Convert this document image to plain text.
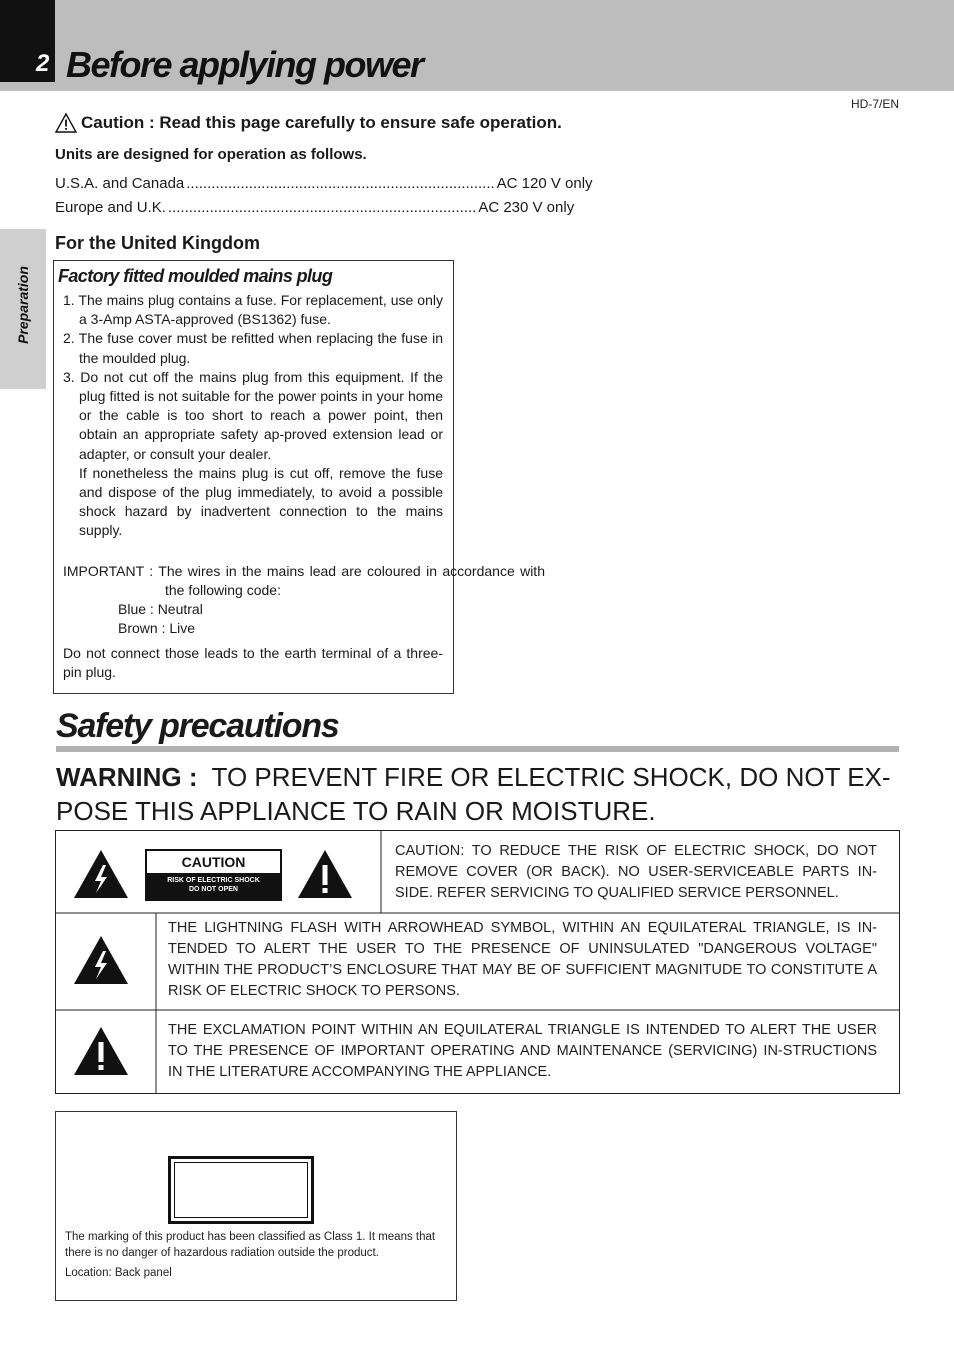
2 Before applying power
HD-7/EN
Preparation
Caution : Read this page carefully to ensure safe operation.
Units are designed for operation as follows.
U.S.A. and Canada .......................................................................... AC 120 V only
Europe and U.K. .......................................................................... AC 230 V only
For the United Kingdom
Factory fitted moulded mains plug
1. The mains plug contains a fuse. For replacement, use only a 3-Amp ASTA-approved (BS1362) fuse.
2. The fuse cover must be refitted when replacing the fuse in the moulded plug.
3. Do not cut off the mains plug from this equipment. If the plug fitted is not suitable for the power points in your home or the cable is too short to reach a power point, then obtain an appropriate safety ap-proved extension lead or adapter, or consult your dealer.
If nonetheless the mains plug is cut off, remove the fuse and dispose of the plug immediately, to avoid a possible shock hazard by inadvertent connection to the mains supply.
IMPORTANT : The wires in the mains lead are coloured in accordance with the following code:
Blue : Neutral
Brown : Live
Do not connect those leads to the earth terminal of a three-pin plug.
Safety precautions
WARNING : TO PREVENT FIRE OR ELECTRIC SHOCK, DO NOT EX-POSE THIS APPLIANCE TO RAIN OR MOISTURE.
CAUTION
RISK OF ELECTRIC SHOCK
DO NOT OPEN
CAUTION: TO REDUCE THE RISK OF ELECTRIC SHOCK, DO NOT REMOVE COVER (OR BACK). NO USER-SERVICEABLE PARTS IN-SIDE. REFER SERVICING TO QUALIFIED SERVICE PERSONNEL.
THE LIGHTNING FLASH WITH ARROWHEAD SYMBOL, WITHIN AN EQUILATERAL TRIANGLE, IS IN-TENDED TO ALERT THE USER TO THE PRESENCE OF UNINSULATED "DANGEROUS VOLTAGE" WITHIN THE PRODUCT’S ENCLOSURE THAT MAY BE OF SUFFICIENT MAGNITUDE TO CONSTITUTE A RISK OF ELECTRIC SHOCK TO PERSONS.
THE EXCLAMATION POINT WITHIN AN EQUILATERAL TRIANGLE IS INTENDED TO ALERT THE USER TO THE PRESENCE OF IMPORTANT OPERATING AND MAINTENANCE (SERVICING) IN-STRUCTIONS IN THE LITERATURE ACCOMPANYING THE APPLIANCE.
The marking of this product has been classified as Class 1. It means that there is no danger of hazardous radiation outside the product.
Location: Back panel
